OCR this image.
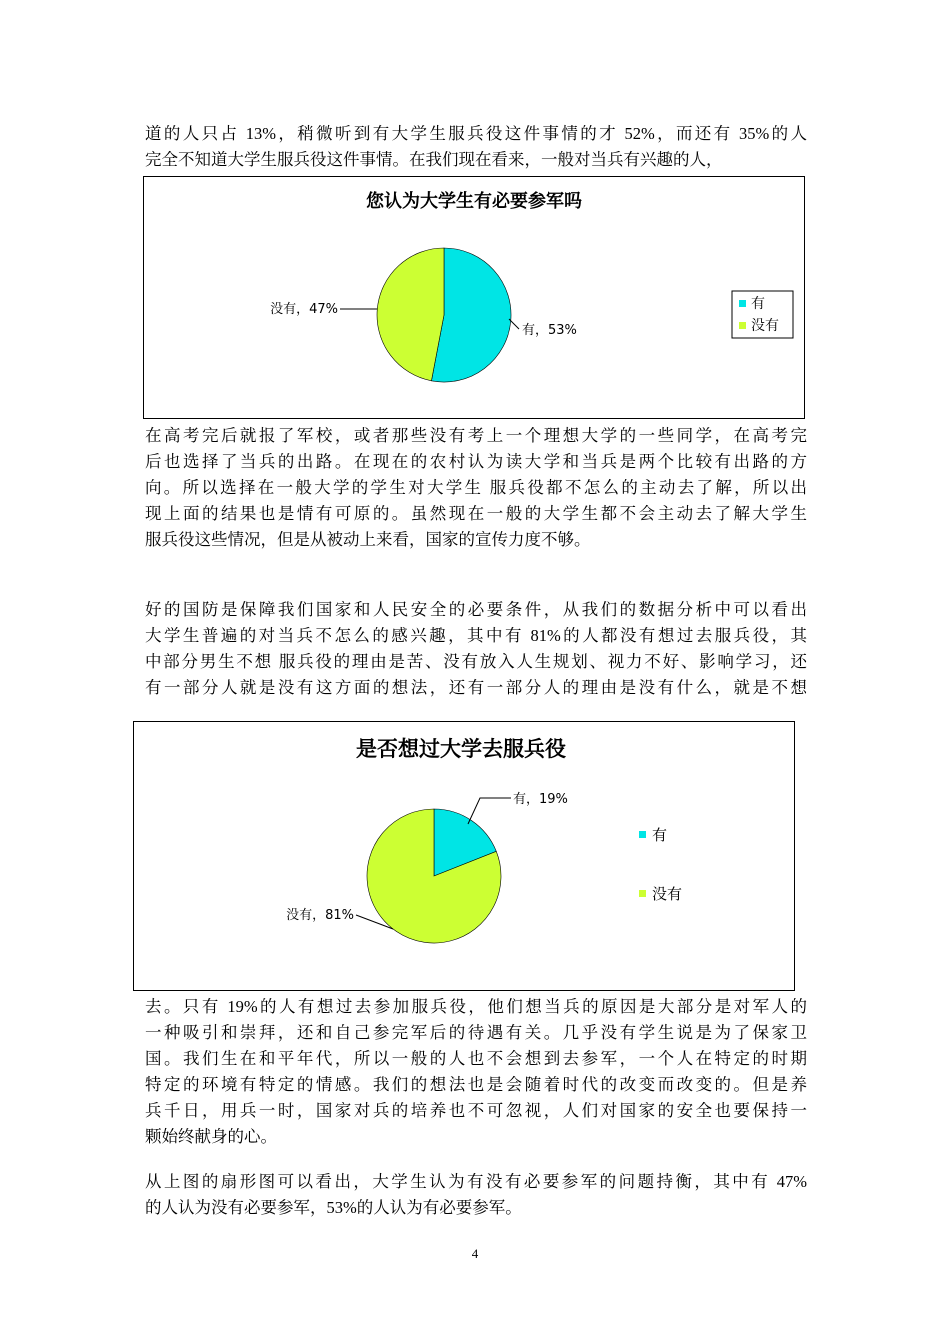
道的人只占 13%，稍微听到有大学生服兵役这件事情的才 52%，而还有 35%的人
完全不知道大学生服兵役这件事情。在我们现在看来，一般对当兵有兴趣的人，
您认为大学生有必要参军吗
有，53%
没有，47%	有
没有
在高考完后就报了军校，或者那些没有考上一个理想大学的一些同学，在高考完
后也选择了当兵的出路。在现在的农村认为读大学和当兵是两个比较有出路的方
向。所以选择在一般大学的学生对大学生 服兵役都不怎么的主动去了解，所以出
现上面的结果也是情有可原的。虽然现在一般的大学生都不会主动去了解大学生
服兵役这些情况，但是从被动上来看，国家的宣传力度不够。
好的国防是保障我们国家和人民安全的必要条件，从我们的数据分析中可以看出
大学生普遍的对当兵不怎么的感兴趣，其中有 81%的人都没有想过去服兵役，其
中部分男生不想 服兵役的理由是苦、没有放入人生规划、视力不好、影响学习，还
有一部分人就是没有这方面的想法，还有一部分人的理由是没有什么，就是不想
是否想过大学去服兵役
有，19%
没有，81%
有
没有
去。只有 19%的人有想过去参加服兵役，他们想当兵的原因是大部分是对军人的
一种吸引和崇拜，还和自己参完军后的待遇有关。几乎没有学生说是为了保家卫
国。我们生在和平年代，所以一般的人也不会想到去参军，一个人在特定的时期
特定的环境有特定的情感。我们的想法也是会随着时代的改变而改变的。但是养
兵千日，用兵一时，国家对兵的培养也不可忽视，人们对国家的安全也要保持一
颗始终献身的心。
从上图的扇形图可以看出，大学生认为有没有必要参军的问题持衡，其中有 47%
的人认为没有必要参军，53%的人认为有必要参军。
4
